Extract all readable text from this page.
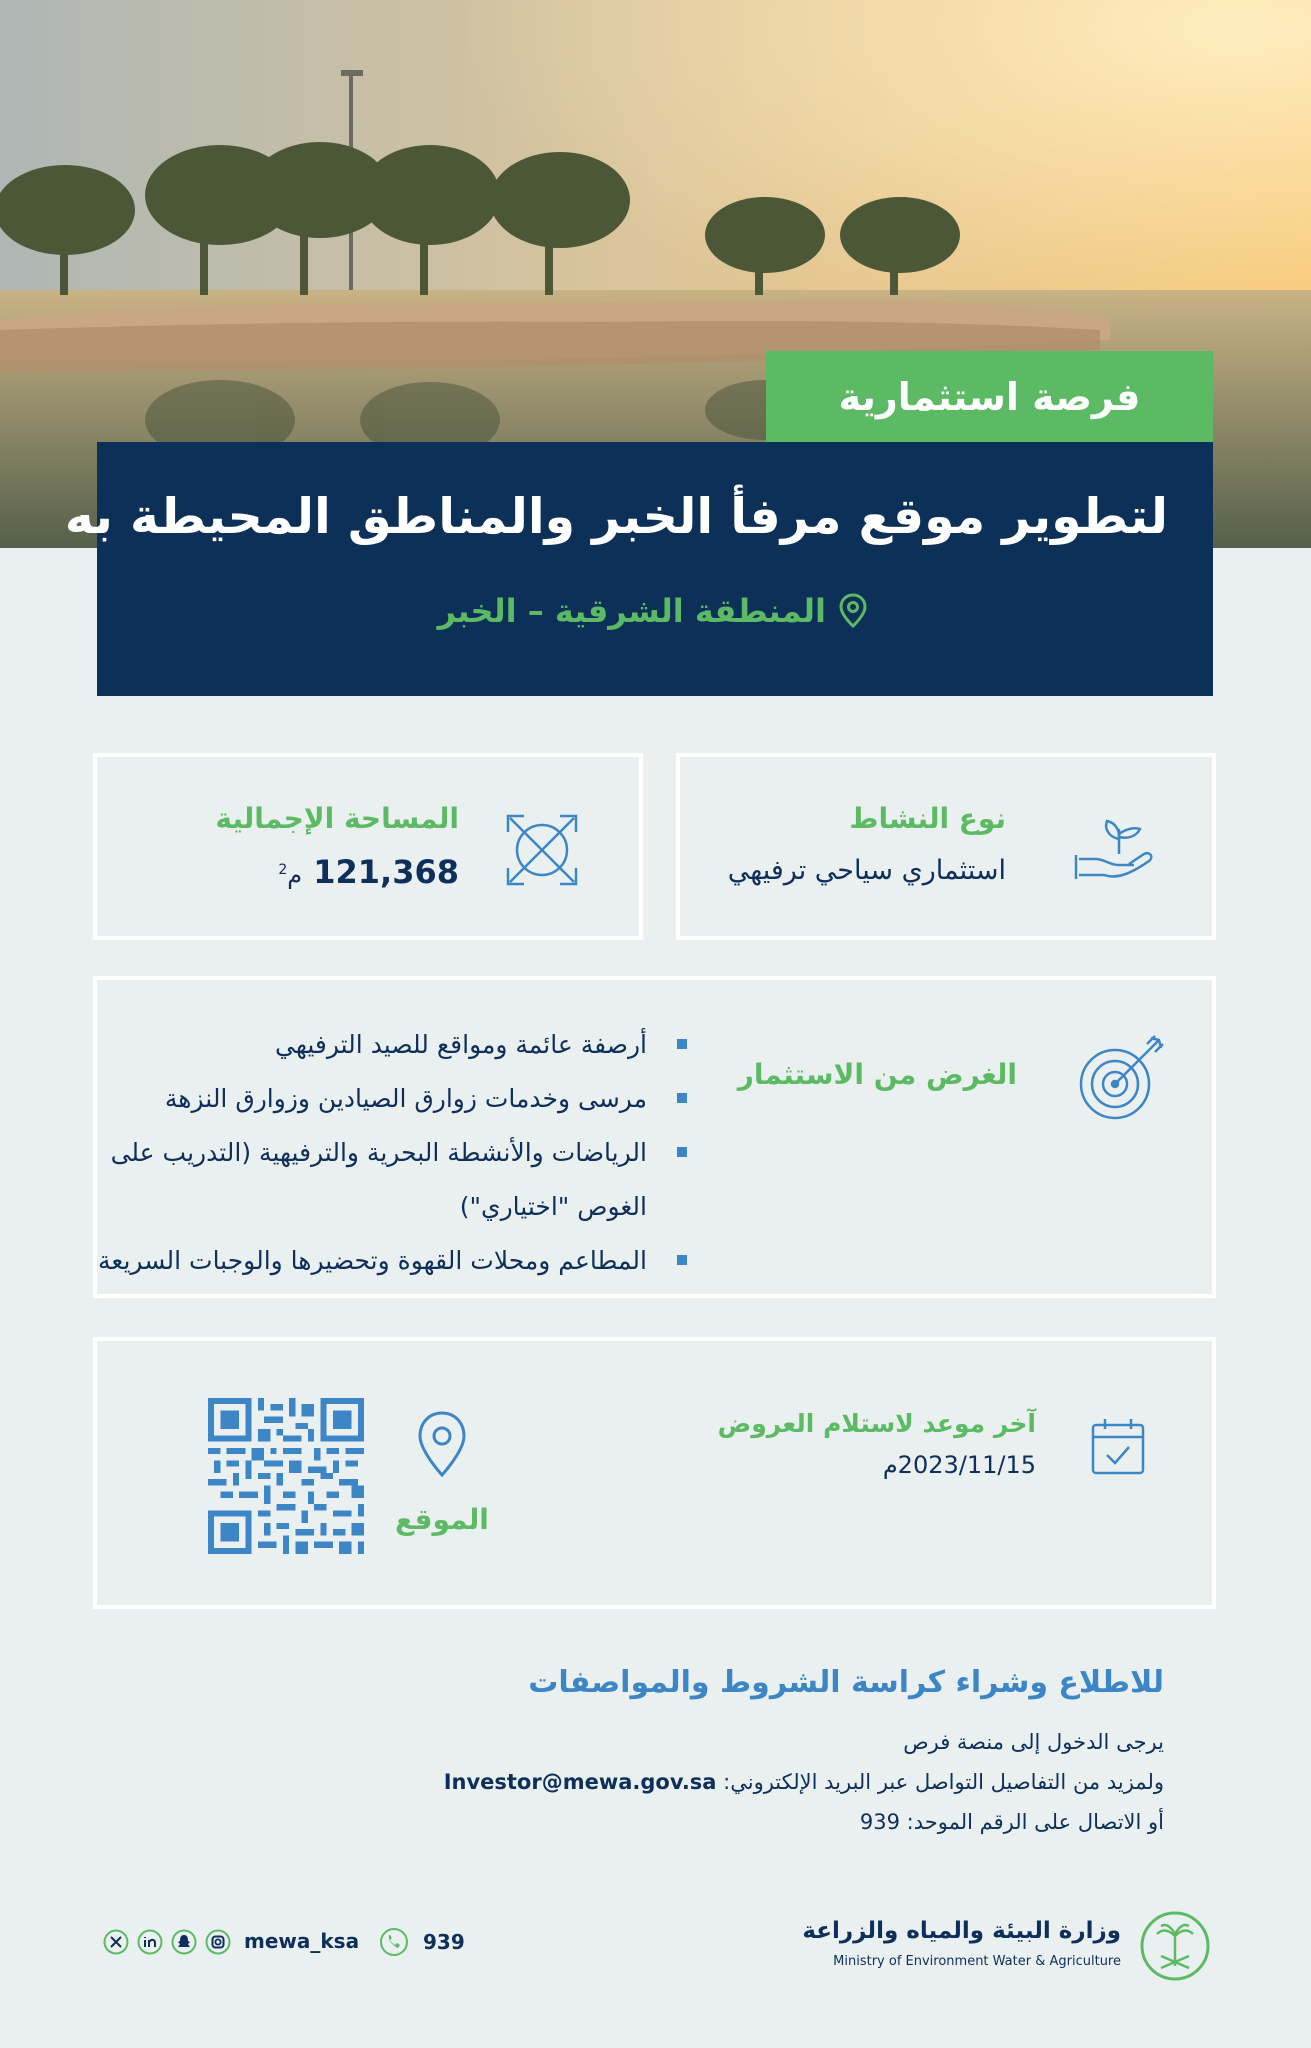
فرصة استثمارية
لتطوير موقع مرفأ الخبر والمناطق المحيطة به
المنطقة الشرقية – الخبر
المساحة الإجمالية
121,368 م$^2$
نوع النشاط
استثماري سياحي ترفيهي
الغرض من الاستثمار
أرصفة عائمة ومواقع للصيد الترفيهي
مرسى وخدمات زوارق الصيادين وزوارق النزهة
الرياضات والأنشطة البحرية والترفيهية (التدريب على الغوص "اختياري")
المطاعم ومحلات القهوة وتحضيرها والوجبات السريعة
آخر موعد لاستلام العروض
2023/11/15م
الموقع
للاطلاع وشراء كراسة الشروط والمواصفات
يرجى الدخول إلى منصة فرص
ولمزيد من التفاصيل التواصل عبر البريد الإلكتروني: Investor@mewa.gov.sa
أو الاتصال على الرقم الموحد: 939
وزارة البيئة والمياه والزراعة
Ministry of Environment Water & Agriculture
939
mewa_ksa
